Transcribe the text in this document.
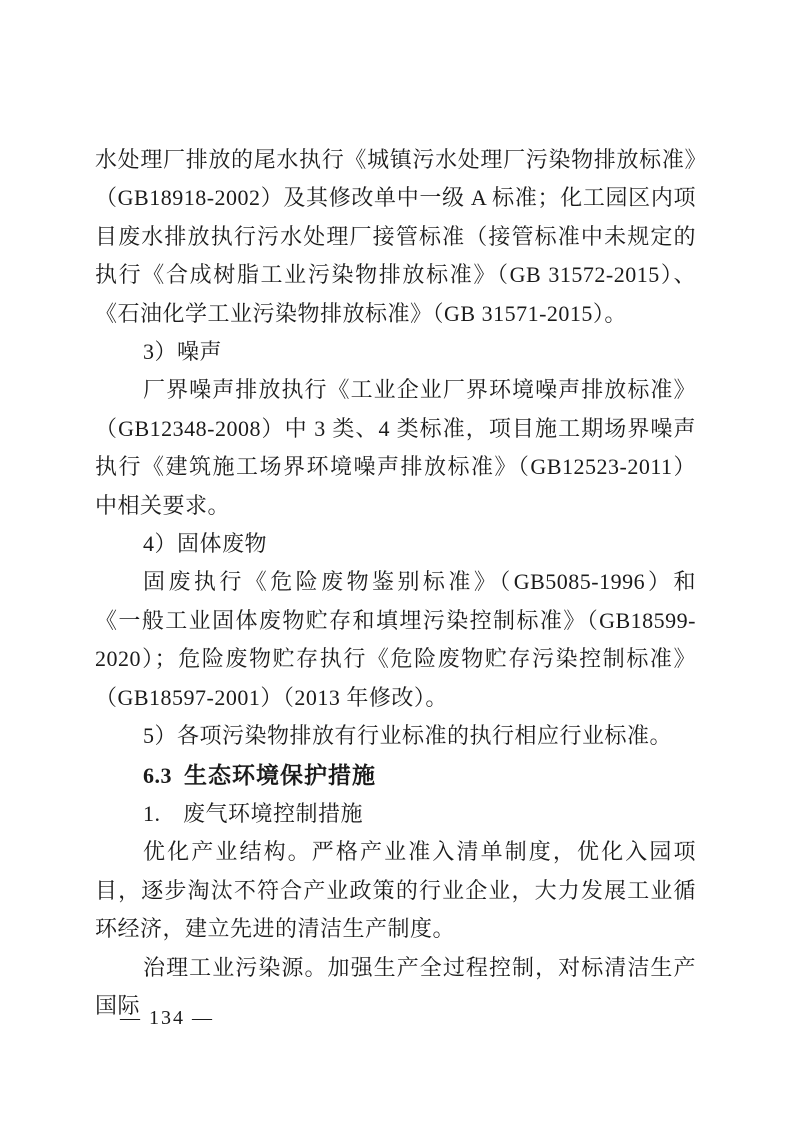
水处理厂排放的尾水执行《城镇污水处理厂污染物排放标准》（GB18918-2002）及其修改单中一级 A 标准；化工园区内项目废水排放执行污水处理厂接管标准（接管标准中未规定的执行《合成树脂工业污染物排放标准》（GB 31572-2015）、《石油化学工业污染物排放标准》（GB 31571-2015）。

3）噪声

厂界噪声排放执行《工业企业厂界环境噪声排放标准》（GB12348-2008）中 3 类、4 类标准，项目施工期场界噪声执行《建筑施工场界环境噪声排放标准》（GB12523-2011）中相关要求。

4）固体废物

固废执行《危险废物鉴别标准》（GB5085-1996）和 《一般工业固体废物贮存和填埋污染控制标准》（GB18599-2020）；危险废物贮存执行《危险废物贮存污染控制标准》（GB18597-2001）（2013 年修改）。

5）各项污染物排放有行业标准的执行相应行业标准。

6.3 生态环境保护措施

1.　废气环境控制措施

优化产业结构。严格产业准入清单制度，优化入园项目，逐步淘汰不符合产业政策的行业企业，大力发展工业循环经济，建立先进的清洁生产制度。

治理工业污染源。加强生产全过程控制，对标清洁生产国际

— 134 —
